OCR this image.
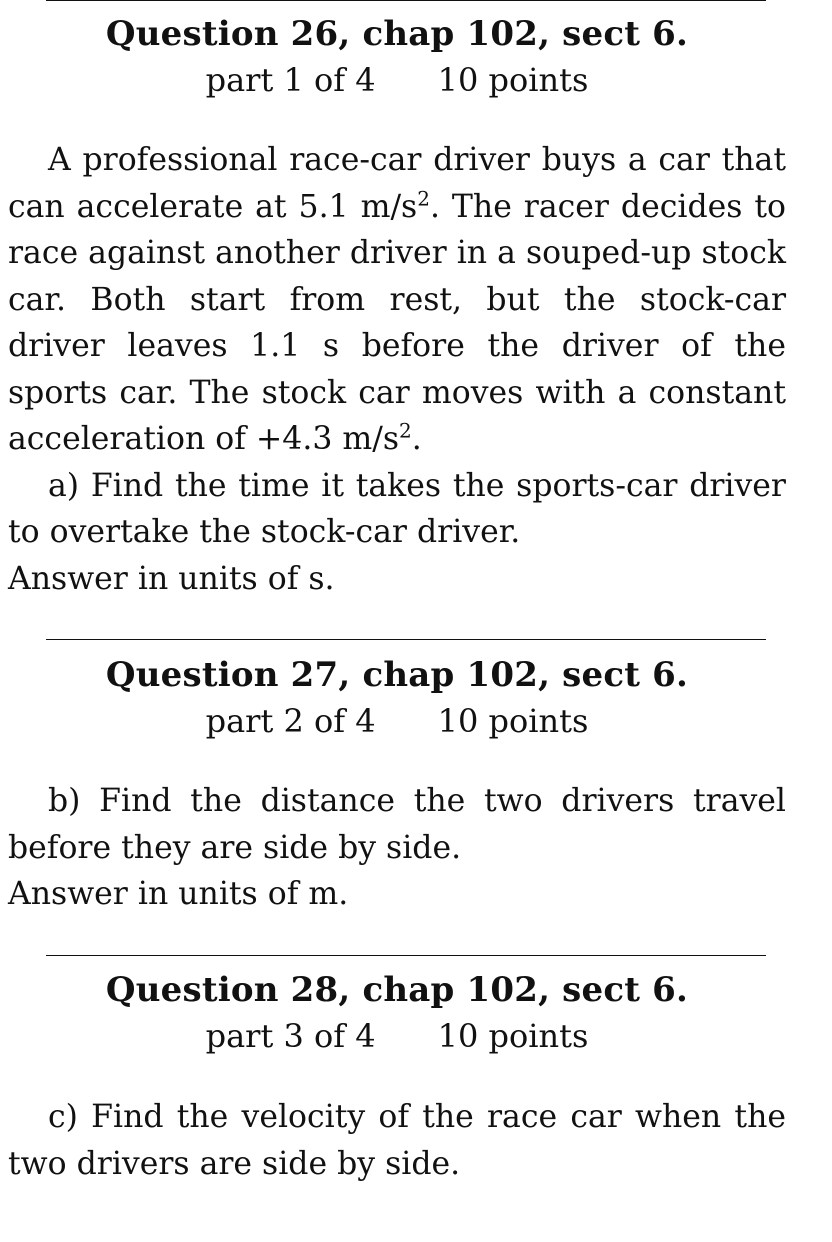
Question 26, chap 102, sect 6.
part 1 of 4 10 points

A professional race-car driver buys a car that can accelerate at 5.1 $m/s^2$. The racer decides to race against another driver in a souped-up stock car. Both start from rest, but the stock-car driver leaves 1.1 s before the driver of the sports car. The stock car moves with a constant acceleration of +4.3 $m/s^2$.

a) Find the time it takes the sports-car driver to overtake the stock-car driver.

Answer in units of s.

Question 27, chap 102, sect 6.
part 2 of 4 10 points

b) Find the distance the two drivers travel before they are side by side.

Answer in units of m.

Question 28, chap 102, sect 6.
part 3 of 4 10 points

c) Find the velocity of the race car when the two drivers are side by side.
